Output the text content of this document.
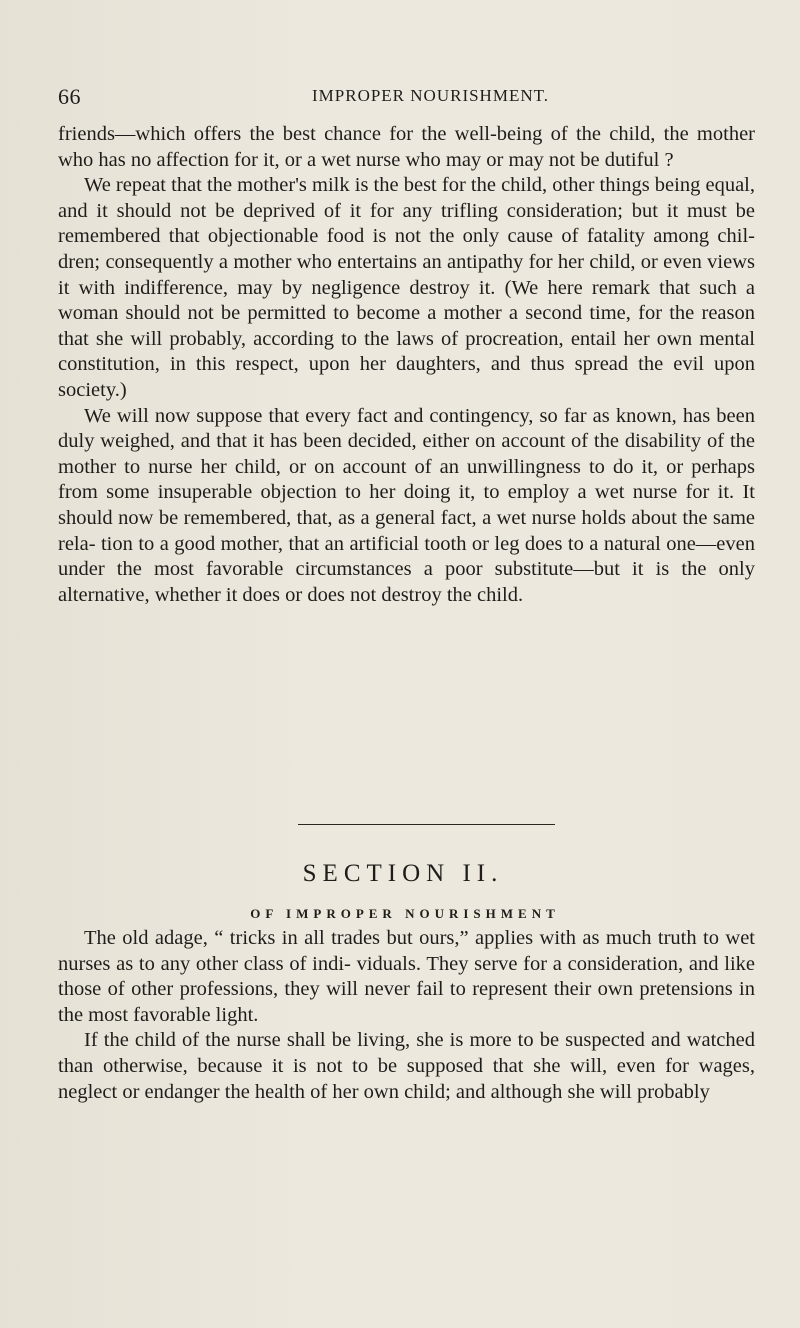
66	IMPROPER NOURISHMENT.

friends—which offers the best chance for the well-being of the child, the mother who has no affection for it, or a wet nurse who may or may not be dutiful ?

We repeat that the mother's milk is the best for the child, other things being equal, and it should not be deprived of it for any trifling consideration; but it must be remembered that objectionable food is not the only cause of fatality among chil- dren; consequently a mother who entertains an antipathy for her child, or even views it with indifference, may by negligence destroy it. (We here remark that such a woman should not be permitted to become a mother a second time, for the reason that she will probably, according to the laws of procreation, entail her own mental constitution, in this respect, upon her daughters, and thus spread the evil upon society.)

We will now suppose that every fact and contingency, so far as known, has been duly weighed, and that it has been decided, either on account of the disability of the mother to nurse her child, or on account of an unwillingness to do it, or perhaps from some insuperable objection to her doing it, to employ a wet nurse for it. It should now be remembered, that, as a general fact, a wet nurse holds about the same rela- tion to a good mother, that an artificial tooth or leg does to a natural one—even under the most favorable circumstances a poor substitute—but it is the only alternative, whether it does or does not destroy the child.

SECTION II.
OF IMPROPER NOURISHMENT

The old adage, “ tricks in all trades but ours,” applies with as much truth to wet nurses as to any other class of indi- viduals. They serve for a consideration, and like those of other professions, they will never fail to represent their own pretensions in the most favorable light.

If the child of the nurse shall be living, she is more to be suspected and watched than otherwise, because it is not to be supposed that she will, even for wages, neglect or endanger the health of her own child; and although she will probably
